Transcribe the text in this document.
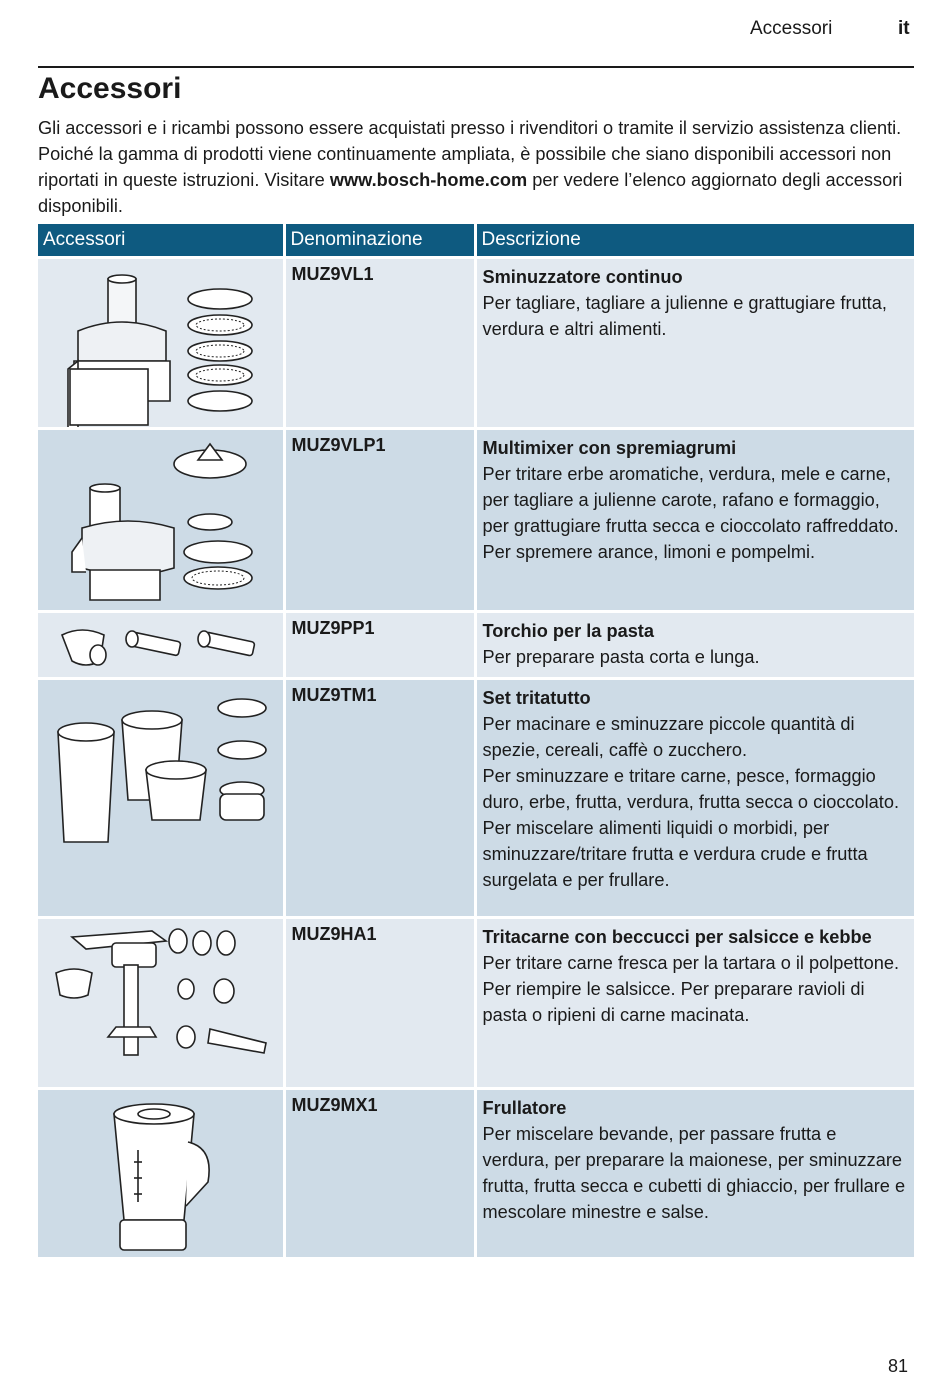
Accessori	it
Accessori

Gli accessori e i ricambi possono essere acquistati presso i rivenditori o tramite il servizio assistenza clienti. Poiché la gamma di prodotti viene continuamente ampliata, è possibile che siano disponibili accessori non riportati in queste istruzioni. Visitare www.bosch-home.com per vedere l’elenco aggiornato degli accessori disponibili.

Accessori	Denominazione	Descrizione

	MUZ9VL1	Sminuzzatore continuo
Per tagliare, tagliare a julienne e grattugiare frutta, verdura e altri alimenti.

	MUZ9VLP1	Multimixer con spremiagrumi
Per tritare erbe aromatiche, verdura, mele e carne, per tagliare a julienne carote, rafano e formaggio, per grattugiare frutta secca e cioccolato raffreddato.
Per spremere arance, limoni e pompelmi.

	MUZ9PP1	Torchio per la pasta
Per preparare pasta corta e lunga.

	MUZ9TM1	Set tritatutto
Per macinare e sminuzzare piccole quantità di spezie, cereali, caffè o zucchero.
Per sminuzzare e tritare carne, pesce, formaggio duro, erbe, frutta, verdura, frutta secca o cioccolato.
Per miscelare alimenti liquidi o morbidi, per sminuzzare/tritare frutta e verdura crude e frutta surgelata e per frullare.

	MUZ9HA1	Tritacarne con beccucci per salsicce e kebbe
Per tritare carne fresca per la tartara o il polpettone. Per riempire le salsicce. Per preparare ravioli di pasta o ripieni di carne macinata.

	MUZ9MX1	Frullatore
Per miscelare bevande, per passare frutta e verdura, per preparare la maionese, per sminuzzare frutta, frutta secca e cubetti di ghiaccio, per frullare e mescolare minestre e salse.
81
